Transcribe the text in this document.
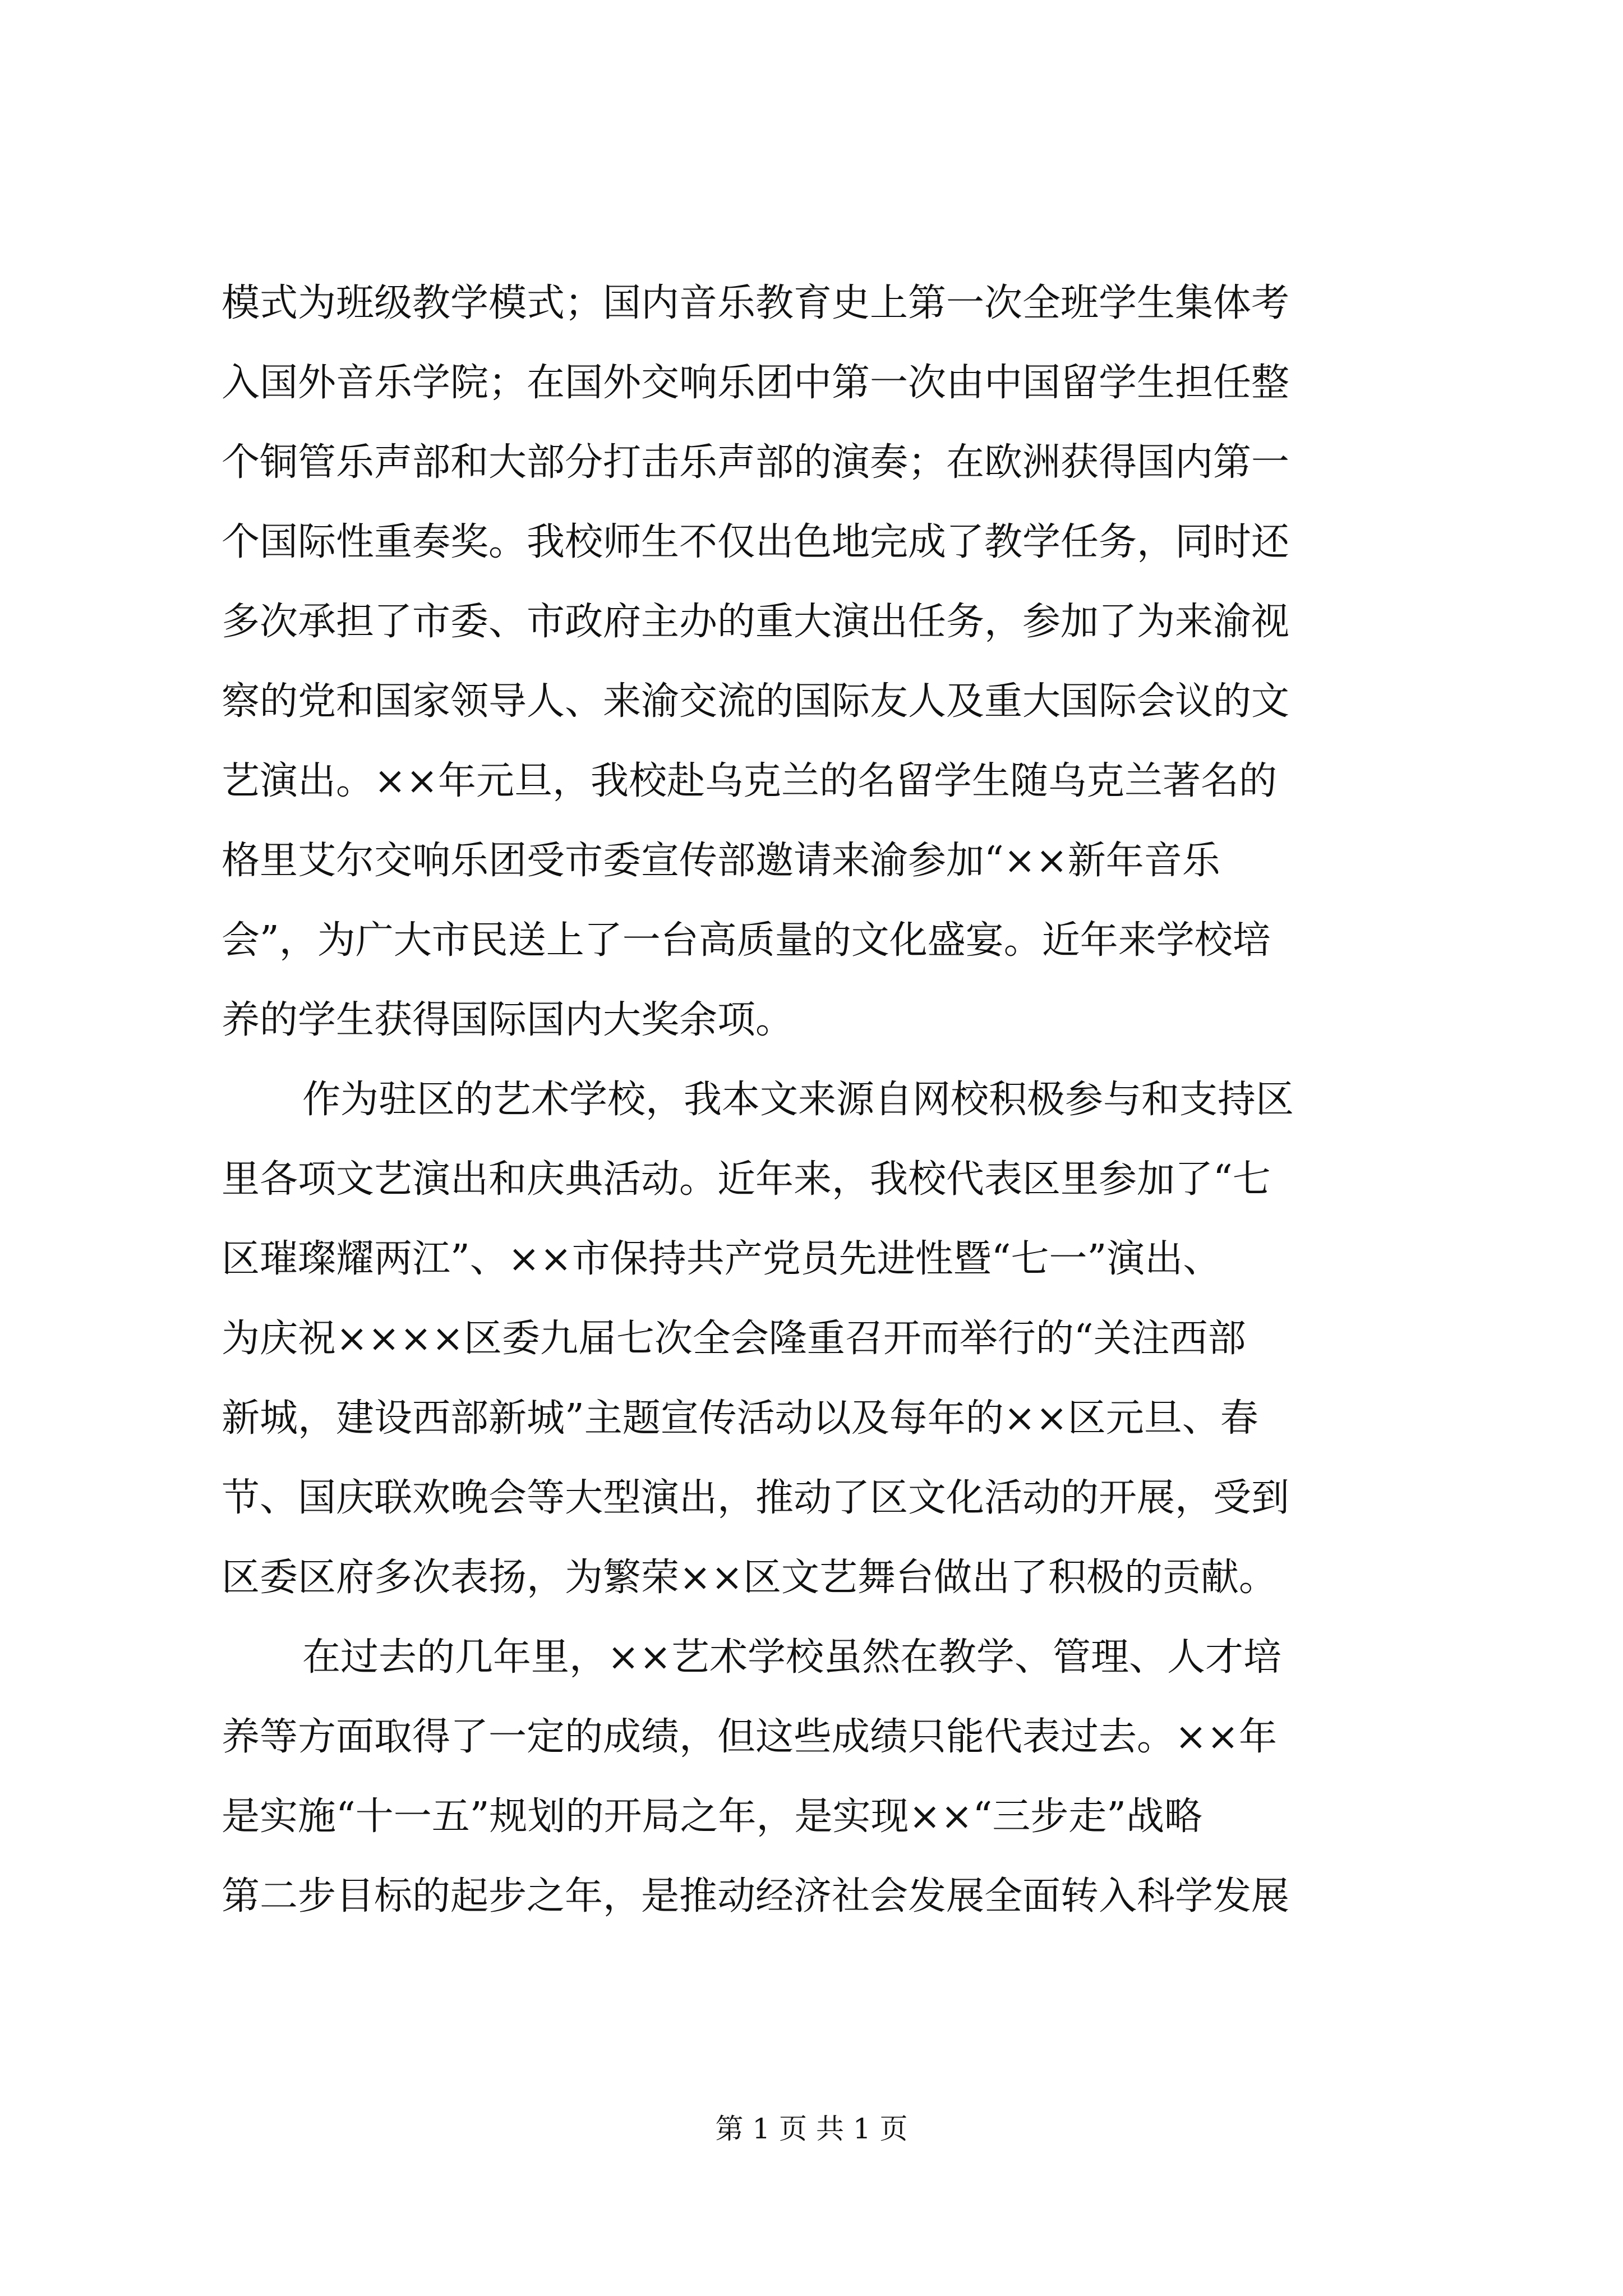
模式为班级教学模式；国内音乐教育史上第一次全班学生集体考
入国外音乐学院；在国外交响乐团中第一次由中国留学生担任整
个铜管乐声部和大部分打击乐声部的演奏；在欧洲获得国内第一
个国际性重奏奖。我校师生不仅出色地完成了教学任务，同时还
多次承担了市委、市政府主办的重大演出任务，参加了为来渝视
察的党和国家领导人、来渝交流的国际友人及重大国际会议的文
艺演出。××年元旦，我校赴乌克兰的名留学生随乌克兰著名的
格里艾尔交响乐团受市委宣传部邀请来渝参加“××新年音乐
会”，为广大市民送上了一台高质量的文化盛宴。近年来学校培
养的学生获得国际国内大奖余项。
作为驻区的艺术学校，我本文来源自网校积极参与和支持区
里各项文艺演出和庆典活动。近年来，我校代表区里参加了“七
区璀璨耀两江”、××市保持共产党员先进性暨“七一”演出、
为庆祝××××区委九届七次全会隆重召开而举行的“关注西部
新城，建设西部新城”主题宣传活动以及每年的××区元旦、春
节、国庆联欢晚会等大型演出，推动了区文化活动的开展，受到
区委区府多次表扬，为繁荣××区文艺舞台做出了积极的贡献。
在过去的几年里，××艺术学校虽然在教学、管理、人才培
养等方面取得了一定的成绩，但这些成绩只能代表过去。××年
是实施“十一五”规划的开局之年，是实现××“三步走”战略
第二步目标的起步之年，是推动经济社会发展全面转入科学发展
第 1 页 共 1 页
